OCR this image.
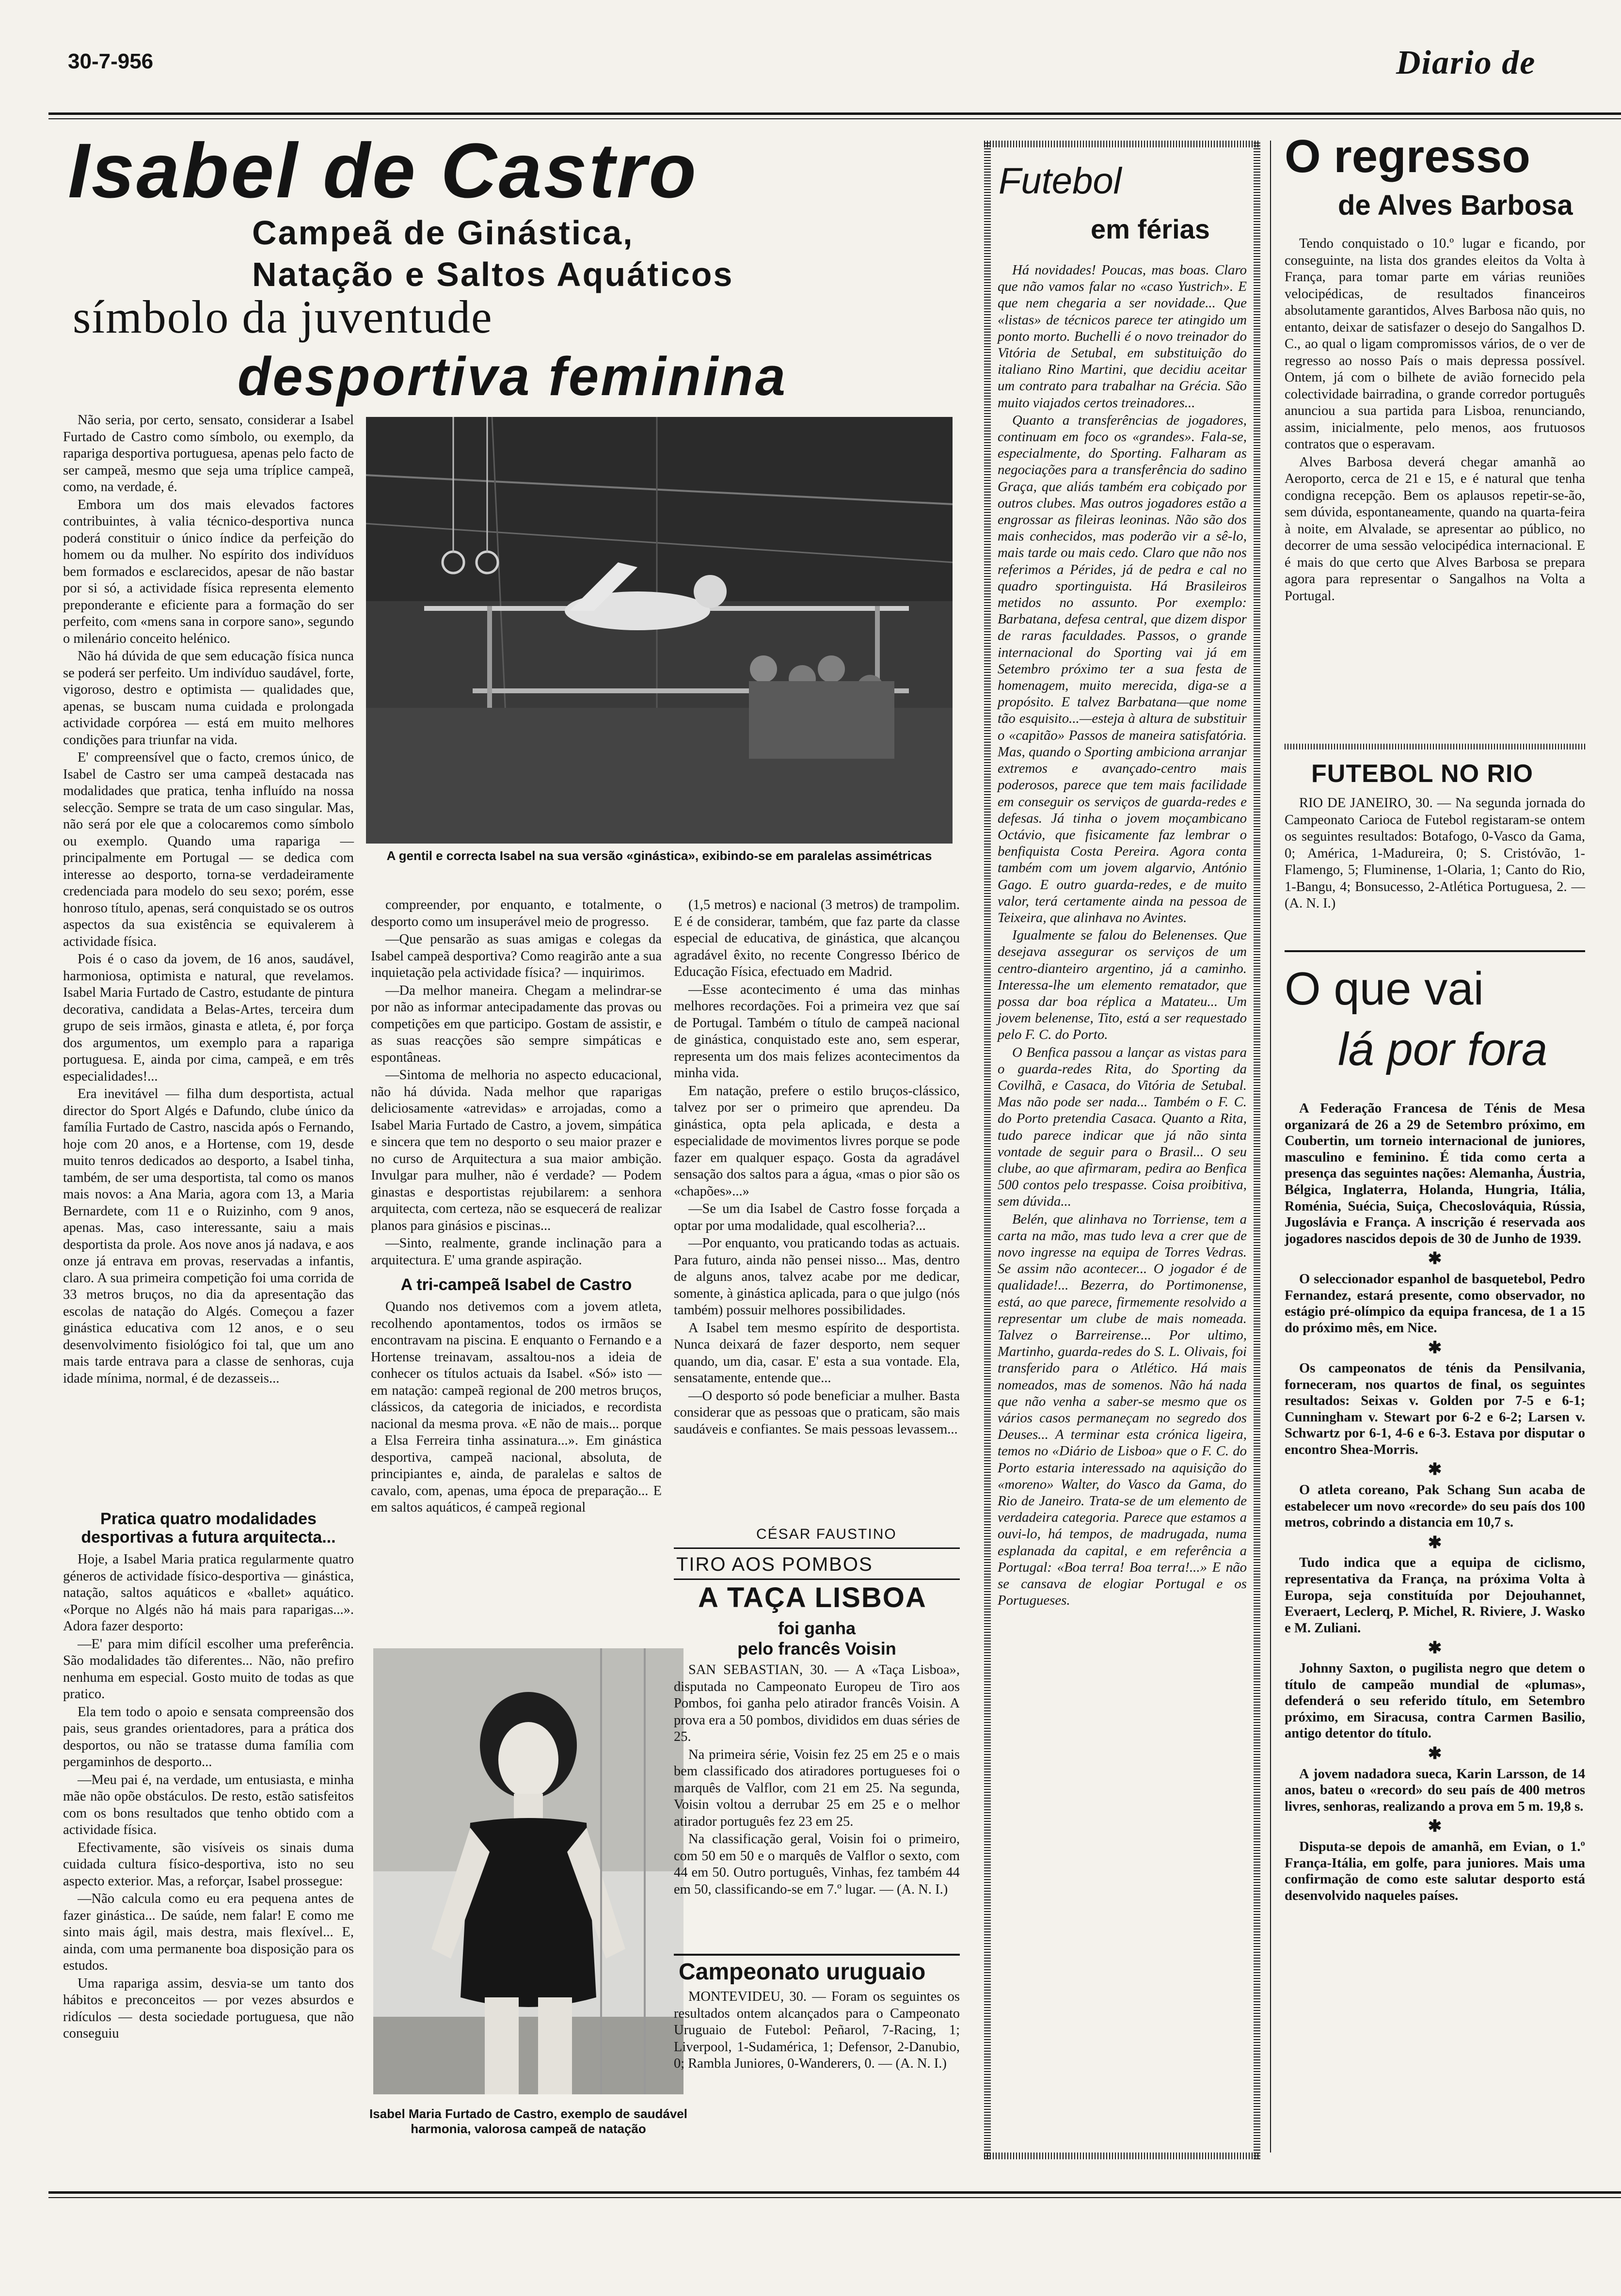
30-7-956	Diario de
Isabel de Castro
Campeã de Ginástica,
Natação e Saltos Aquáticos
símbolo da juventude
desportiva feminina

Não seria, por certo, sensato, considerar a Isabel Furtado de Castro como símbolo, ou exemplo, da rapariga desportiva portuguesa, apenas pelo facto de ser campeã, mesmo que seja uma tríplice campeã, como, na verdade, é.

Embora um dos mais elevados factores contribuintes, à valia técnico-desportiva nunca poderá constituir o único índice da perfeição do homem ou da mulher. No espírito dos indivíduos bem formados e esclarecidos, apesar de não bastar por si só, a actividade física representa elemento preponderante e eficiente para a formação do ser perfeito, com «mens sana in corpore sano», segundo o milenário conceito helénico.

Não há dúvida de que sem educação física nunca se poderá ser perfeito. Um indivíduo saudável, forte, vigoroso, destro e optimista — qualidades que, apenas, se buscam numa cuidada e prolongada actividade corpórea — está em muito melhores condições para triunfar na vida.

E' compreensível que o facto, cremos único, de Isabel de Castro ser uma campeã destacada nas modalidades que pratica, tenha influído na nossa selecção. Sempre se trata de um caso singular. Mas, não será por ele que a colocaremos como símbolo ou exemplo. Quando uma rapariga — principalmente em Portugal — se dedica com interesse ao desporto, torna-se verdadeiramente credenciada para modelo do seu sexo; porém, esse honroso título, apenas, será conquistado se os outros aspectos da sua existência se equivalerem à actividade física.

Pois é o caso da jovem, de 16 anos, saudável, harmoniosa, optimista e natural, que revelamos. Isabel Maria Furtado de Castro, estudante de pintura decorativa, candidata a Belas-Artes, terceira dum grupo de seis irmãos, ginasta e atleta, é, por força dos argumentos, um exemplo para a rapariga portuguesa. E, ainda por cima, campeã, e em três especialidades!...

Era inevitável — filha dum desportista, actual director do Sport Algés e Dafundo, clube único da família Furtado de Castro, nascida após o Fernando, hoje com 20 anos, e a Hortense, com 19, desde muito tenros dedicados ao desporto, a Isabel tinha, também, de ser uma desportista, tal como os manos mais novos: a Ana Maria, agora com 13, a Maria Bernardete, com 11 e o Ruizinho, com 9 anos, apenas. Mas, caso interessante, saiu a mais desportista da prole. Aos nove anos já nadava, e aos onze já entrava em provas, reservadas a infantis, claro. A sua primeira competição foi uma corrida de 33 metros bruços, no dia da apresentação das escolas de natação do Algés. Começou a fazer ginástica educativa com 12 anos, e o seu desenvolvimento fisiológico foi tal, que um ano mais tarde entrava para a classe de senhoras, cuja idade mínima, normal, é de dezasseis...

Pratica quatro modalidades desportivas a futura arquitecta...

Hoje, a Isabel Maria pratica regularmente quatro géneros de actividade físico-desportiva — ginástica, natação, saltos aquáticos e «ballet» aquático. «Porque no Algés não há mais para raparigas...». Adora fazer desporto:

—E' para mim difícil escolher uma preferência. São modalidades tão diferentes... Não, não prefiro nenhuma em especial. Gosto muito de todas as que pratico.

Ela tem todo o apoio e sensata compreensão dos pais, seus grandes orientadores, para a prática dos desportos, ou não se tratasse duma família com pergaminhos de desporto...

—Meu pai é, na verdade, um entusiasta, e minha mãe não opõe obstáculos. De resto, estão satisfeitos com os bons resultados que tenho obtido com a actividade física.

Efectivamente, são visíveis os sinais duma cuidada cultura físico-desportiva, isto no seu aspecto exterior. Mas, a reforçar, Isabel prossegue:

—Não calcula como eu era pequena antes de fazer ginástica... De saúde, nem falar! E como me sinto mais ágil, mais destra, mais flexível... E, ainda, com uma permanente boa disposição para os estudos.

Uma rapariga assim, desvia-se um tanto dos hábitos e preconceitos — por vezes absurdos e ridículos — desta sociedade portuguesa, que não conseguiu

A gentil e correcta Isabel na sua versão «ginástica», exibindo-se em paralelas assimétricas

compreender, por enquanto, e totalmente, o desporto como um insuperável meio de progresso.

—Que pensarão as suas amigas e colegas da Isabel campeã desportiva? Como reagirão ante a sua inquietação pela actividade física? — inquirimos.

—Da melhor maneira. Chegam a melindrar-se por não as informar antecipadamente das provas ou competições em que participo. Gostam de assistir, e as suas reacções são sempre simpáticas e espontâneas.

—Sintoma de melhoria no aspecto educacional, não há dúvida. Nada melhor que raparigas deliciosamente «atrevidas» e arrojadas, como a Isabel Maria Furtado de Castro, a jovem, simpática e sincera que tem no desporto o seu maior prazer e no curso de Arquitectura a sua maior ambição. Invulgar para mulher, não é verdade? — Podem ginastas e desportistas rejubilarem: a senhora arquitecta, com certeza, não se esquecerá de realizar planos para ginásios e piscinas...

—Sinto, realmente, grande inclinação para a arquitectura. E' uma grande aspiração.

A tri-campeã Isabel de Castro

Quando nos detivemos com a jovem atleta, recolhendo apontamentos, todos os irmãos se encontravam na piscina. E enquanto o Fernando e a Hortense treinavam, assaltou-nos a ideia de conhecer os títulos actuais da Isabel. «Só» isto — em natação: campeã regional de 200 metros bruços, clássicos, da categoria de iniciados, e recordista nacional da mesma prova. «E não de mais... porque a Elsa Ferreira tinha assinatura...». Em ginástica desportiva, campeã nacional, absoluta, de principiantes e, ainda, de paralelas e saltos de cavalo, com, apenas, uma época de preparação... E em saltos aquáticos, é campeã regional

Isabel Maria Furtado de Castro, exemplo de saudável harmonia, valorosa campeã de natação

(1,5 metros) e nacional (3 metros) de trampolim. E é de considerar, também, que faz parte da classe especial de educativa, de ginástica, que alcançou agradável êxito, no recente Congresso Ibérico de Educação Física, efectuado em Madrid.

—Esse acontecimento é uma das minhas melhores recordações. Foi a primeira vez que saí de Portugal. Também o título de campeã nacional de ginástica, conquistado este ano, sem esperar, representa um dos mais felizes acontecimentos da minha vida.

Em natação, prefere o estilo bruços-clássico, talvez por ser o primeiro que aprendeu. Da ginástica, opta pela aplicada, e desta a especialidade de movimentos livres porque se pode fazer em qualquer espaço. Gosta da agradável sensação dos saltos para a água, «mas o pior são os «chapões»...»

—Se um dia Isabel de Castro fosse forçada a optar por uma modalidade, qual escolheria?...

—Por enquanto, vou praticando todas as actuais. Para futuro, ainda não pensei nisso... Mas, dentro de alguns anos, talvez acabe por me dedicar, somente, à ginástica aplicada, para o que julgo (nós também) possuir melhores possibilidades.

A Isabel tem mesmo espírito de desportista. Nunca deixará de fazer desporto, nem sequer quando, um dia, casar. E' esta a sua vontade. Ela, sensatamente, entende que...

—O desporto só pode beneficiar a mulher. Basta considerar que as pessoas que o praticam, são mais saudáveis e confiantes. Se mais pessoas levassem...

CÉSAR FAUSTINO
TIRO AOS POMBOS
A TAÇA LISBOA
foi ganha
pelo francês Voisin

SAN SEBASTIAN, 30. — A «Taça Lisboa», disputada no Campeonato Europeu de Tiro aos Pombos, foi ganha pelo atirador francês Voisin. A prova era a 50 pombos, divididos em duas séries de 25.

Na primeira série, Voisin fez 25 em 25 e o mais bem classificado dos atiradores portugueses foi o marquês de Valflor, com 21 em 25. Na segunda, Voisin voltou a derrubar 25 em 25 e o melhor atirador português fez 23 em 25.

Na classificação geral, Voisin foi o primeiro, com 50 em 50 e o marquês de Valflor o sexto, com 44 em 50. Outro português, Vinhas, fez também 44 em 50, classificando-se em 7.º lugar. — (A. N. I.)

Campeonato uruguaio

MONTEVIDEU, 30. — Foram os seguintes os resultados ontem alcançados para o Campeonato Uruguaio de Futebol: Peñarol, 7-Racing, 1; Liverpool, 1-Sudamérica, 1; Defensor, 2-Danubio, 0; Rambla Juniores, 0-Wanderers, 0. — (A. N. I.)

Futebol
em férias

Há novidades! Poucas, mas boas. Claro que não vamos falar no «caso Yustrich». E que nem chegaria a ser novidade... Que «listas» de técnicos parece ter atingido um ponto morto. Buchelli é o novo treinador do Vitória de Setubal, em substituição do italiano Rino Martini, que decidiu aceitar um contrato para trabalhar na Grécia. São muito viajados certos treinadores...

Quanto a transferências de jogadores, continuam em foco os «grandes». Fala-se, especialmente, do Sporting. Falharam as negociações para a transferência do sadino Graça, que aliás também era cobiçado por outros clubes. Mas outros jogadores estão a engrossar as fileiras leoninas. Não são dos mais conhecidos, mas poderão vir a sê-lo, mais tarde ou mais cedo. Claro que não nos referimos a Pérides, já de pedra e cal no quadro sportinguista. Há Brasileiros metidos no assunto. Por exemplo: Barbatana, defesa central, que dizem dispor de raras faculdades. Passos, o grande internacional do Sporting vai já em Setembro próximo ter a sua festa de homenagem, muito merecida, diga-se a propósito. E talvez Barbatana—que nome tão esquisito...—esteja à altura de substituir o «capitão» Passos de maneira satisfatória. Mas, quando o Sporting ambiciona arranjar extremos e avançado-centro mais poderosos, parece que tem mais facilidade em conseguir os serviços de guarda-redes e defesas. Já tinha o jovem moçambicano Octávio, que fisicamente faz lembrar o benfiquista Costa Pereira. Agora conta também com um jovem algarvio, António Gago. E outro guarda-redes, e de muito valor, terá certamente ainda na pessoa de Teixeira, que alinhava no Avintes.

Igualmente se falou do Belenenses. Que desejava assegurar os serviços de um centro-dianteiro argentino, já a caminho. Interessa-lhe um elemento rematador, que possa dar boa réplica a Matateu... Um jovem belenense, Tito, está a ser requestado pelo F. C. do Porto.

O Benfica passou a lançar as vistas para o guarda-redes Rita, do Sporting da Covilhã, e Casaca, do Vitória de Setubal. Mas não pode ser nada... Também o F. C. do Porto pretendia Casaca. Quanto a Rita, tudo parece indicar que já não sinta vontade de seguir para o Brasil... O seu clube, ao que afirmaram, pedira ao Benfica 500 contos pelo trespasse. Coisa proibitiva, sem dúvida...

Belén, que alinhava no Torriense, tem a carta na mão, mas tudo leva a crer que de novo ingresse na equipa de Torres Vedras. Se assim não acontecer... O jogador é de qualidade!... Bezerra, do Portimonense, está, ao que parece, firmemente resolvido a representar um clube de mais nomeada. Talvez o Barreirense... Por ultimo, Martinho, guarda-redes do S. L. Olivais, foi transferido para o Atlético. Há mais nomeados, mas de somenos. Não há nada que não venha a saber-se mesmo que os vários casos permaneçam no segredo dos Deuses... A terminar esta crónica ligeira, temos no «Diário de Lisboa» que o F. C. do Porto estaria interessado na aquisição do «moreno» Walter, do Vasco da Gama, do Rio de Janeiro. Trata-se de um elemento de verdadeira categoria. Parece que estamos a ouvi-lo, há tempos, de madrugada, numa esplanada da capital, e em referência a Portugal: «Boa terra! Boa terra!...» E não se cansava de elogiar Portugal e os Portugueses.

O regresso
de Alves Barbosa

Tendo conquistado o 10.º lugar e ficando, por conseguinte, na lista dos grandes eleitos da Volta à França, para tomar parte em várias reuniões velocipédicas, de resultados financeiros absolutamente garantidos, Alves Barbosa não quis, no entanto, deixar de satisfazer o desejo do Sangalhos D. C., ao qual o ligam compromissos vários, de o ver de regresso ao nosso País o mais depressa possível. Ontem, já com o bilhete de avião fornecido pela colectividade bairradina, o grande corredor português anunciou a sua partida para Lisboa, renunciando, assim, inicialmente, pelo menos, aos frutuosos contratos que o esperavam.

Alves Barbosa deverá chegar amanhã ao Aeroporto, cerca de 21 e 15, e é natural que tenha condigna recepção. Bem os aplausos repetir-se-ão, sem dúvida, espontaneamente, quando na quarta-feira à noite, em Alvalade, se apresentar ao público, no decorrer de uma sessão velocipédica internacional. E é mais do que certo que Alves Barbosa se prepara agora para representar o Sangalhos na Volta a Portugal.

FUTEBOL NO RIO

RIO DE JANEIRO, 30. — Na segunda jornada do Campeonato Carioca de Futebol registaram-se ontem os seguintes resultados: Botafogo, 0-Vasco da Gama, 0; América, 1-Madureira, 0; S. Cristóvão, 1-Flamengo, 5; Fluminense, 1-Olaria, 1; Canto do Rio, 1-Bangu, 4; Bonsucesso, 2-Atlética Portuguesa, 2. — (A. N. I.)

O que vai
lá por fora

A Federação Francesa de Ténis de Mesa organizará de 26 a 29 de Setembro próximo, em Coubertin, um torneio internacional de juniores, masculino e feminino. É tida como certa a presença das seguintes nações: Alemanha, Áustria, Bélgica, Inglaterra, Holanda, Hungria, Itália, Roménia, Suécia, Suiça, Checoslováquia, Rússia, Jugoslávia e França. A inscrição é reservada aos jogadores nascidos depois de 30 de Junho de 1939.

✱

O seleccionador espanhol de basquetebol, Pedro Fernandez, estará presente, como observador, no estágio pré-olímpico da equipa francesa, de 1 a 15 do próximo mês, em Nice.

✱

Os campeonatos de ténis da Pensilvania, forneceram, nos quartos de final, os seguintes resultados: Seixas v. Golden por 7-5 e 6-1; Cunningham v. Stewart por 6-2 e 6-2; Larsen v. Schwartz por 6-1, 4-6 e 6-3. Estava por disputar o encontro Shea-Morris.

✱

O atleta coreano, Pak Schang Sun acaba de estabelecer um novo «recorde» do seu país dos 100 metros, cobrindo a distancia em 10,7 s.

✱

Tudo indica que a equipa de ciclismo, representativa da França, na próxima Volta à Europa, seja constituída por Dejouhannet, Everaert, Leclerq, P. Michel, R. Riviere, J. Wasko e M. Zuliani.

✱

Johnny Saxton, o pugilista negro que detem o título de campeão mundial de «plumas», defenderá o seu referido título, em Setembro próximo, em Siracusa, contra Carmen Basilio, antigo detentor do título.

✱

A jovem nadadora sueca, Karin Larsson, de 14 anos, bateu o «record» do seu país de 400 metros livres, senhoras, realizando a prova em 5 m. 19,8 s.

✱

Disputa-se depois de amanhã, em Evian, o 1.º França-Itália, em golfe, para juniores. Mais uma confirmação de como este salutar desporto está desenvolvido naqueles países.
